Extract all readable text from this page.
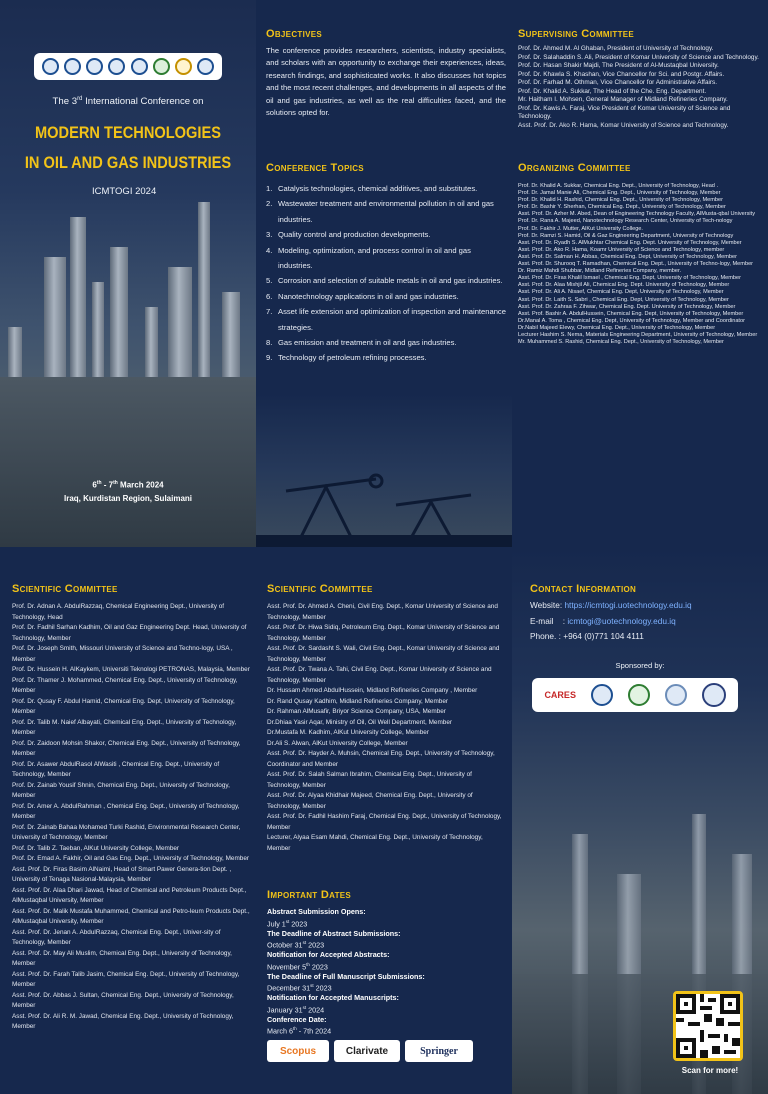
The 3rd International Conference on
MODERN TECHNOLOGIES
IN OIL AND GAS INDUSTRIES
ICMTOGI 2024
6th - 7th March 2024
Iraq, Kurdistan Region, Sulaimani
Objectives
The conference provides researchers, scientists, industry specialists, and scholars with an opportunity to exchange their experiences, ideas, research findings, and sophisticated works. It also discusses hot topics and the most recent challenges, and developments in all aspects of the oil and gas industries, as well as the real difficulties faced, and the solutions opted for.
Conference Topics
1. Catalysis technologies, chemical additives, and substitutes.
2. Wastewater treatment and environmental pollution in oil and gas industries.
3. Quality control and production developments.
4. Modeling, optimization, and process control in oil and gas industries.
5. Corrosion and selection of suitable metals in oil and gas industries.
6. Nanotechnology applications in oil and gas industries.
7. Asset life extension and optimization of inspection and maintenance strategies.
8. Gas emission and treatment in oil and gas industries.
9. Technology of petroleum refining processes.
Supervising Committee
Prof. Dr. Ahmed M. Al Ghaban, President of University of Technology.
Prof. Dr. Salahaddin S. Ali, President of Komar University of Science and Technology.
Prof. Dr. Hasan Shakir Majdi, The President of Al-Mustaqbal University.
Prof. Dr. Khawla S. Khashan, Vice Chancellor for Sci. and Postgr. Affairs.
Prof. Dr. Farhad M. Othman, Vice Chancellor for Administrative Affairs.
Prof. Dr. Khalid A. Sukkar, The Head of the Che. Eng. Department.
Mr. Haitham I. Mohsen, General Manager of Midland Refineries Company.
Prof. Dr. Kawis A. Faraj, Vice President of Komar University of Science and Technology.
Asst. Prof. Dr. Ako R. Hama, Komar University of Science and Technology.
Organizing Committee
Prof. Dr. Khalid A. Sukkar, Chemical Eng. Dept., University of Technology, Head .
Prof. Dr. Jamal Manie Ali, Chemical Eng. Dept., University of Technology, Member
Prof. Dr. Khalid H. Rashid, Chemical Eng. Dept., University of Technology, Member
Prof. Dr. Bashir Y. Sherhan, Chemical Eng. Dept., University of Technology, Member
Asst. Prof. Dr. Azher M. Abed, Dean of Engineering Technology Faculty, AlMusta-qbal University
Prof. Dr. Rana A. Majeed, Nanotechnology Research Center, University of Tech-nology
Prof. Dr. Fakhir J. Mutter, AlKut University College.
Prof. Dr. Ramzi S. Hamid, Oil & Gaz Engineering Department, University of Technology
Asst. Prof. Dr. Ryadh S. AlMukhtar Chemical Eng. Dept. University of Technology, Member
Asst. Prof. Dr. Ako R. Hama, Koamr University of Science and Technology, member
Asst. Prof. Dr. Salman H. Abbas, Chemical Eng. Dept, University of Technology, Member
Asst. Prof. Dr. Shurooq T. Ramadhan, Chemical Eng. Dept., University of Techno-logy, Member
Dr. Ramiz Mahdi Shubbar, Midland Refineries Company, member.
Asst. Prof. Dr. Firas Khalil Ismael , Chemical Eng. Dept, University of Technology, Member
Asst. Prof. Dr. Alaa Mishjil Ali, Chemical Eng. Dept. University of Technology, Member
Asst. Prof. Dr. Ali A. Nisaef, Chemical Eng. Dept, University of Technology, Member
Asst. Prof. Dr. Laith S. Sabri , Chemical Eng. Dept, University of Technology, Member
Asst. Prof. Dr. Zahraa F. Zihwar, Chemical Eng. Dept. University of Technology, Member
Asst. Prof. Bashir A. AbdulHussein, Chemical Eng. Dept, University of Technology, Member
Dr.Manal A. Toma , Chemical Eng. Dept, University of Technology, Member and Coordinator
Dr.Nabil Majeed Elewy, Chemical Eng. Dept., University of Technology, Member
Lecturer Hashim S. Nema, Materials Engineering Department, University of Technology, Member
Mr. Muhammed S. Rashid, Chemical Eng. Dept., University of Technology, Member
Scientific Committee
Prof. Dr. Adnan A. AbdulRazzaq, Chemical Engineering Dept., University of Technology, Head
Prof. Dr. Fadhil Sarhan Kadhim, Oil and Gaz Engineering Dept. Head, University of Technology, Member
Prof. Dr. Joseph Smith, Missouri University of Science and Techno-logy, USA , Member
Prof. Dr. Hussein H. AlKaykem, Universiti Teknologi PETRONAS, Malaysia, Member
Prof. Dr. Thamer J. Mohammed, Chemical Eng. Dept., University of Technology, Member
Prof. Dr. Qusay F. Abdul Hamid, Chemical Eng. Dept, University of Technology, Member
Prof. Dr. Talib M. Naief Albayati, Chemical Eng. Dept., University of Technology, Member
Prof. Dr. Zaidoon Mohsin Shakor, Chemical Eng. Dept., University of Technology, Member
Prof. Dr. Asawer AbdulRasol AlWasiti , Chemical Eng. Dept., University of Technology, Member
Prof. Dr. Zainab Yousif Shnin, Chemical Eng. Dept., University of Technology, Member
Prof. Dr. Amer A. AbdulRahman , Chemical Eng. Dept., University of Technology, Member
Prof. Dr. Zainab Bahaa Mohamed Turki Rashid, Environmental Research Center, University of Technology, Member
Prof. Dr. Talib Z. Taeban, AlKut University College, Member
Prof. Dr. Emad A. Fakhir, Oil and Gas Eng. Dept., University of Technology, Member
Asst. Prof. Dr. Firas Basim AlNaimi, Head of Smart Pawer Genera-tion Dept. , University of Tenaga Nasional-Malaysia, Member
Asst. Prof. Dr. Alaa Dhari Jawad, Head of Chemical and Petroleum Products Dept., AlMustaqbal University, Member
Asst. Prof. Dr. Malik Mustafa Muhammed, Chemical and Petro-leum Products Dept., AlMustaqbal University, Member
Asst. Prof. Dr. Jenan A. AbdulRazzaq, Chemical Eng. Dept., Univer-sity of Technology, Member
Asst. Prof. Dr. May Ali Muslim, Chemical Eng. Dept., University of Technology, Member
Asst. Prof. Dr. Farah Talib Jasim, Chemical Eng. Dept., University of Technology, Member
Asst. Prof. Dr. Abbas J. Sultan, Chemical Eng. Dept., University of Technology, Member
Asst. Prof. Dr. Ali R. M. Jawad, Chemical Eng. Dept., University of Technology, Member
Scientific Committee
Asst. Prof. Dr. Ahmed A. Cheni, Civil Eng. Dept., Komar University of Science and Technology, Member
Asst. Prof. Dr. Hiwa Sidiq, Petroleum Eng. Dept., Komar University of Science and Technology, Member
Asst. Prof. Dr. Sardasht S. Wali, Civil Eng. Dept., Komar University of Science and Technology, Member
Asst. Prof. Dr. Twana A. Tahi, Civil Eng. Dept., Komar University of Science and Technology, Member
Dr. Hussam Ahmed AbdulHussein, Midland Refineries Company , Member
Dr. Rand Qusay Kadhim, Midland Refineries Company, Member
Dr. Rahman AlMusafir, Briyor Science Company, USA, Member
Dr.Dhiaa Yasir Aqar, Ministry of Oil, Oil Well Department, Member
Dr.Mustafa M. Kadhim, AlKut University College, Member
Dr.Ali S. Alwan, AlKut University College, Member
Asst. Prof. Dr. Hayder A. Muhsin, Chemical Eng. Dept., University of Technology, Coordinator and Member
Asst. Prof. Dr. Salah Salman Ibrahim, Chemical Eng. Dept., University of Technology, Member
Asst. Prof. Dr. Alyaa Khidhair Majeed, Chemical Eng. Dept., University of Technology, Member
Asst. Prof. Dr. Fadhil Hashim Faraj, Chemical Eng. Dept., University of Technology, Member
Lecturer, Alyaa Esam Mahdi, Chemical Eng. Dept., University of Technology, Member
Important Dates
Abstract Submission Opens:
July 1st 2023
The Deadline of Abstract Submissions:
October 31st 2023
Notification for Accepted Abstracts:
November 5th 2023
The Deadline of Full Manuscript Submissions:
December 31st 2023
Notification for Accepted Manuscripts:
January 31st 2024
Conference Date:
March 6th - 7th 2024
Scopus	Clarivate	Springer
Contact Information
Website: https://icmtogi.uotechnology.edu.iq
E-mail    : icmtogi@uotechnology.edu.iq
Phone. : +964 (0)771 104 4111
Sponsored by:
CARES
Scan for more!
